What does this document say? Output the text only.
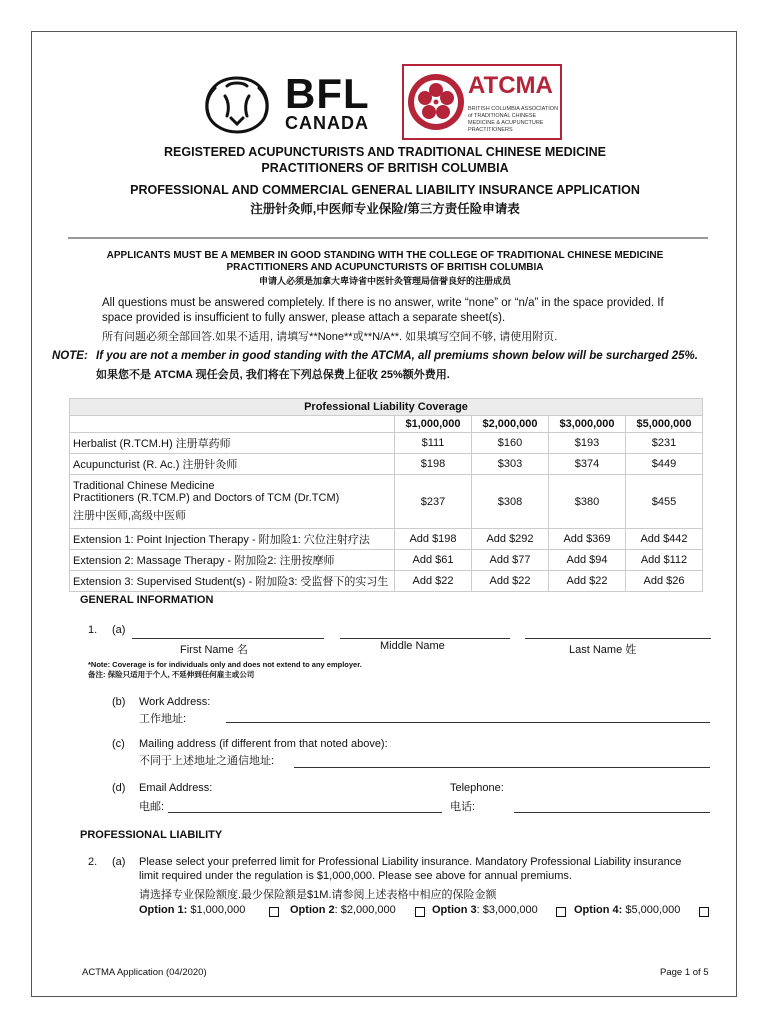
BFL
CANADA
ATCMA
BRITISH COLUMBIA ASSOCIATION of TRADITIONAL CHINESE MEDICINE & ACUPUNCTURE PRACTITIONERS
REGISTERED ACUPUNCTURISTS AND TRADITIONAL CHINESE MEDICINE
PRACTITIONERS OF BRITISH COLUMBIA
PROFESSIONAL AND COMMERCIAL GENERAL LIABILITY INSURANCE APPLICATION
注册针灸师,中医师专业保险/第三方责任险申请表
APPLICANTS MUST BE A MEMBER IN GOOD STANDING WITH THE COLLEGE OF TRADITIONAL CHINESE MEDICINE
PRACTITIONERS AND ACUPUNCTURISTS OF BRITISH COLUMBIA
申请人必须是加拿大卑诗省中医针灸管理局信誉良好的注册成员
All questions must be answered completely. If there is no answer, write “none” or “n/a” in the space provided. If
space provided is insufficient to fully answer, please attach a separate sheet(s).
所有问题必须全部回答.如果不适用, 请填写**None**或**N/A**. 如果填写空间不够, 请使用附页.
NOTE: If you are not a member in good standing with the ATCMA, all premiums shown below will be surcharged 25%.
如果您不是 ATCMA 现任会员, 我们将在下列总保费上征收 25%额外费用.
Professional Liability Coverage				
	$1,000,000	$2,000,000	$3,000,000	$5,000,000
Herbalist (R.TCM.H) 注册草药师	$111	$160	$193	$231
Acupuncturist (R. Ac.) 注册针灸师	$198	$303	$374	$449

Traditional Chinese Medicine
Practitioners (R.TCM.P) and Doctors of TCM (Dr.TCM)
注册中医师,高级中医师	$237	$308	$380	$455
Extension 1: Point Injection Therapy - 附加险1: 穴位注射疗法	Add $198	Add $292	Add $369	Add $442
Extension 2: Massage Therapy - 附加险2: 注册按摩师	Add $61	Add $77	Add $94	Add $112
Extension 3: Supervised Student(s) - 附加险3: 受监督下的实习生	Add $22	Add $22	Add $22	Add $26
GENERAL INFORMATION
1. (a)
First Name 名	Middle Name	Last Name 姓
*Note: Coverage is for individuals only and does not extend to any employer.
备注: 保险只适用于个人, 不延伸到任何雇主或公司
(b) Work Address:
工作地址:
(c) Mailing address (if different from that noted above):
不同于上述地址之通信地址:
(d) Email Address:
电邮:
Telephone:
电话:
PROFESSIONAL LIABILITY
2. (a) Please select your preferred limit for Professional Liability insurance. Mandatory Professional Liability insurance
limit required under the regulation is $1,000,000. Please see above for annual premiums.
请选择专业保险额度.最少保险额是$1M.请参阅上述表格中相应的保险金额
Option 1: $1,000,000	Option 2: $2,000,000	Option 3: $3,000,000	Option 4: $5,000,000
ACTMA Application (04/2020)	Page 1 of 5
